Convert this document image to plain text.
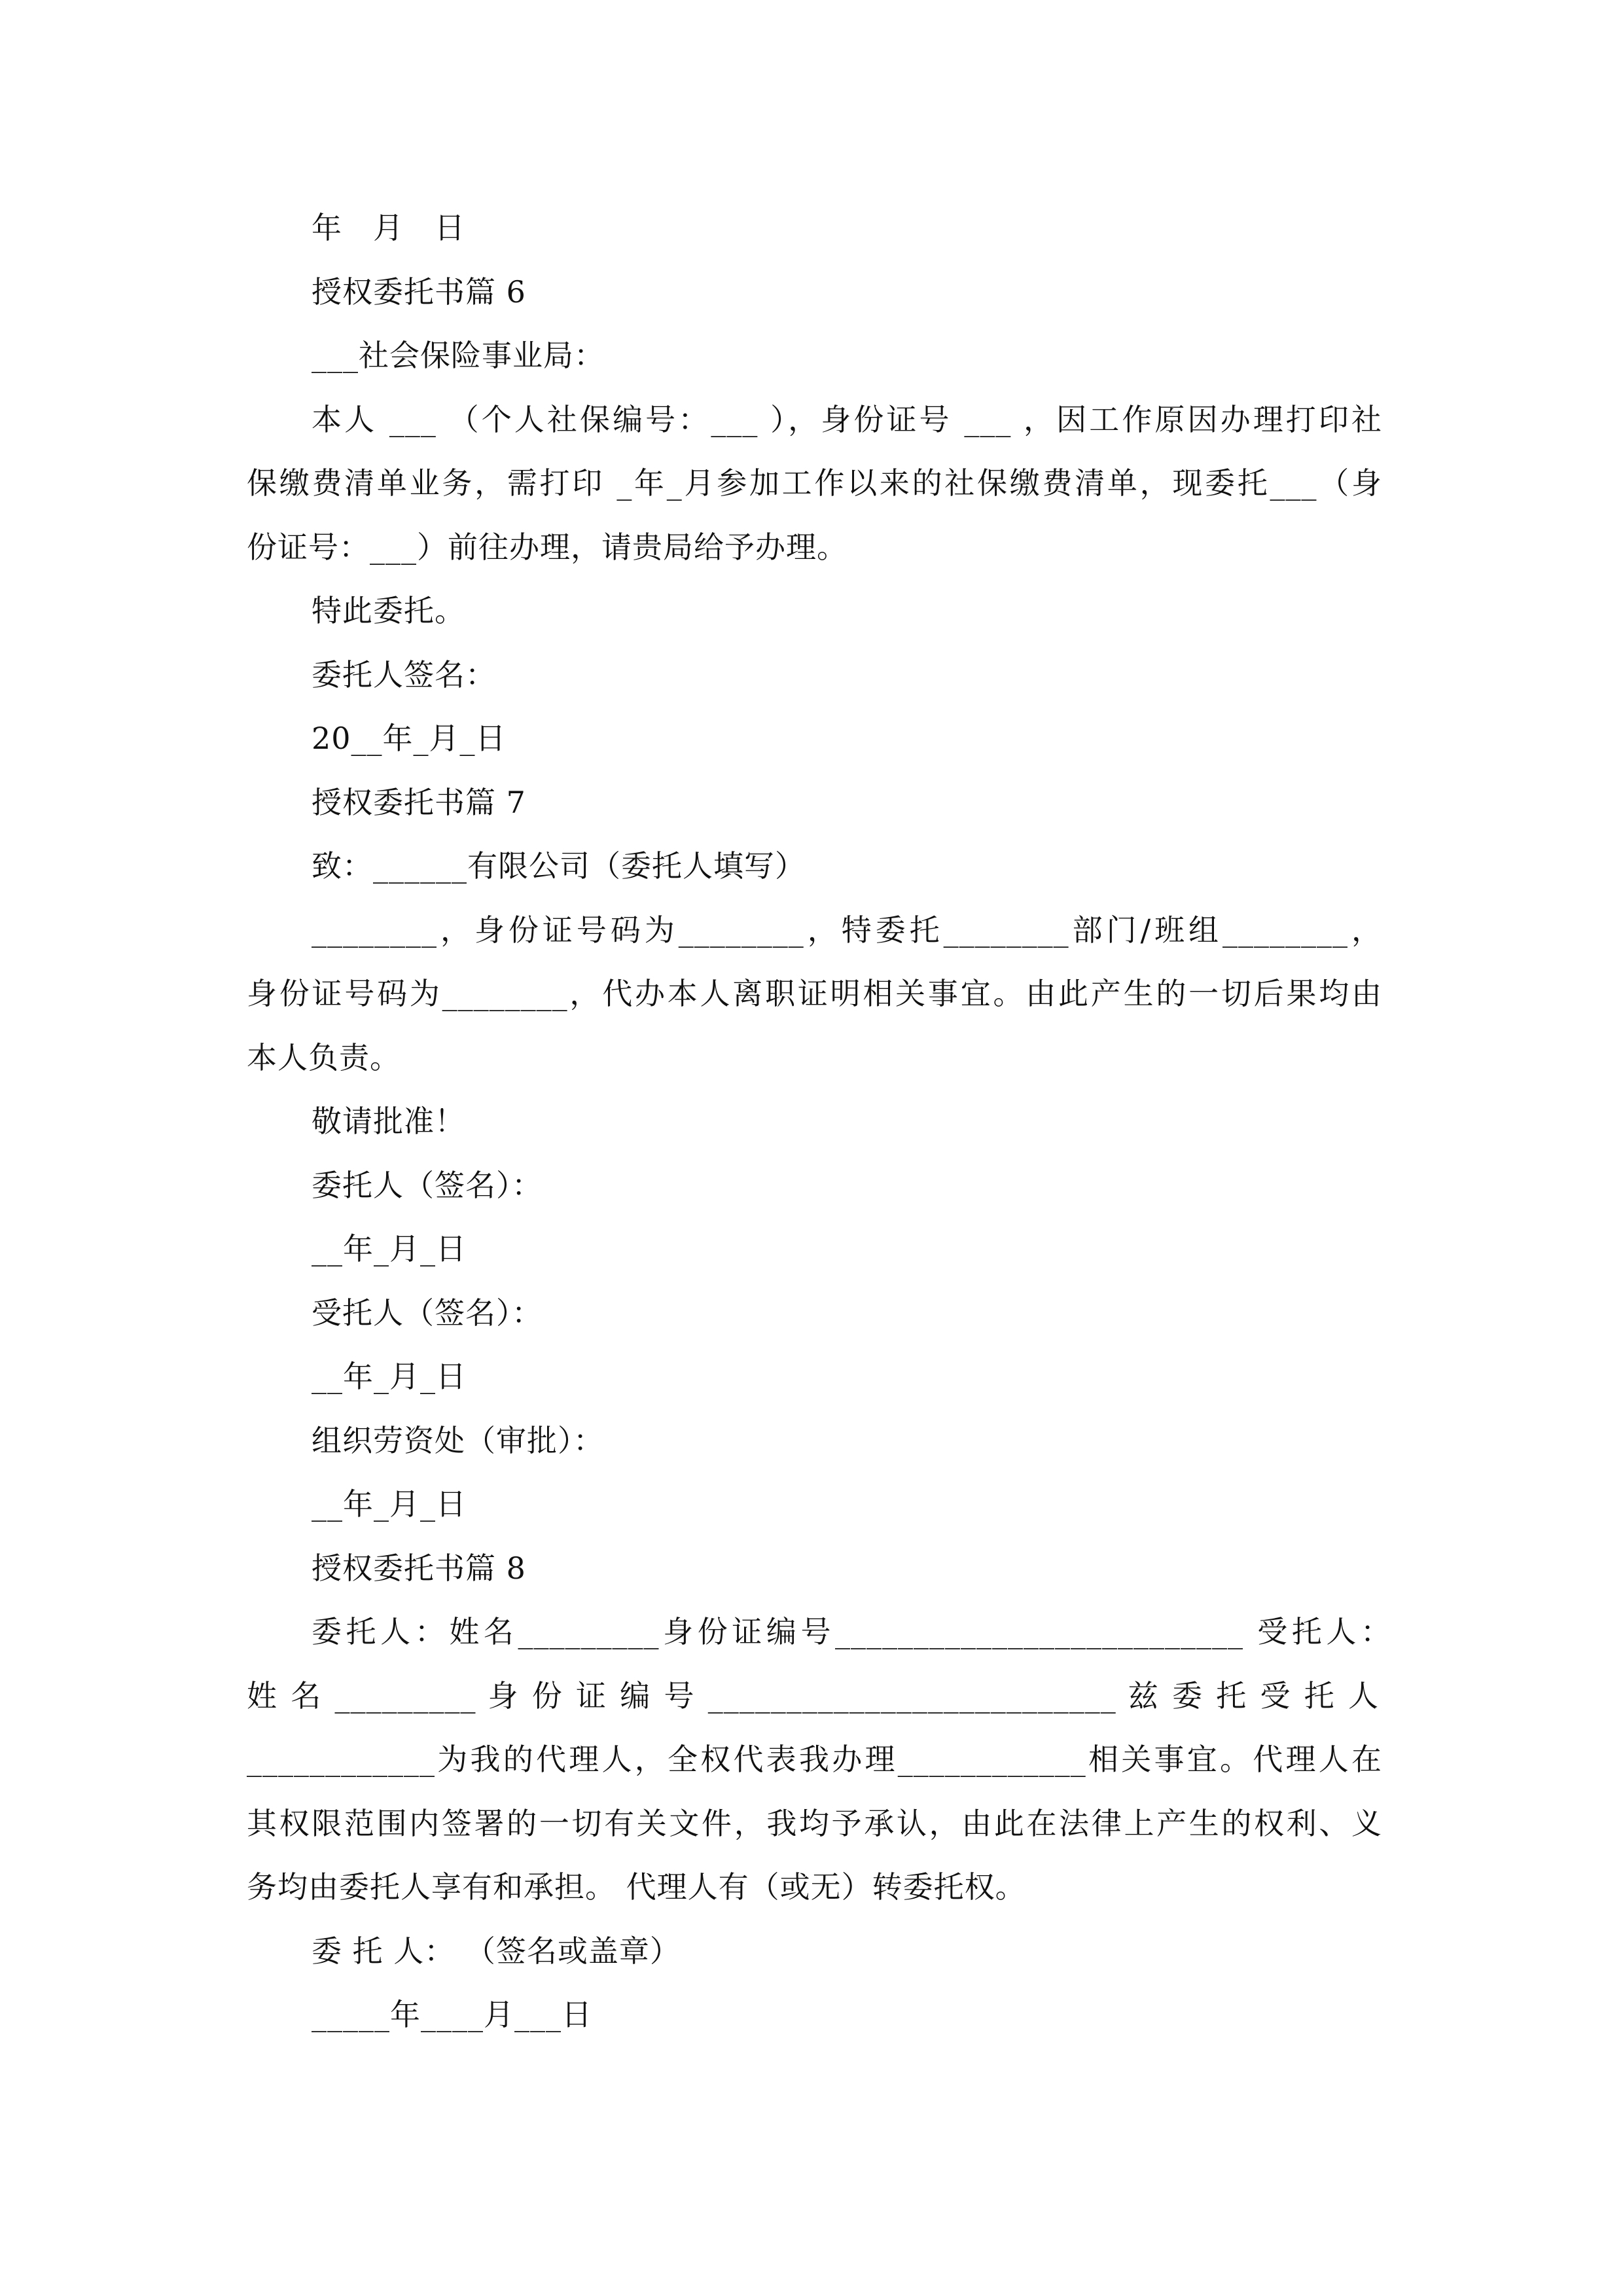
年　月　日
授权委托书篇 6
___社会保险事业局：
本人 ___ （个人社保编号：___ ），身份证号 ___ ，因工作原因办理打印社
保缴费清单业务，需打印 _年_月参加工作以来的社保缴费清单，现委托___（身
份证号：___）前往办理，请贵局给予办理。
特此委托。
委托人签名：
20__年_月_日
授权委托书篇 7
致：______有限公司（委托人填写）
________，身份证号码为________，特委托________部门/班组________，
身份证号码为________，代办本人离职证明相关事宜。由此产生的一切后果均由
本人负责。
敬请批准！
委托人（签名）：
__年_月_日
受托人（签名）：
__年_月_日
组织劳资处（审批）：
__年_月_日
授权委托书篇 8
委托人：姓名_________身份证编号__________________________ 受托人：
姓 名 _________ 身 份 证 编 号 __________________________ 兹 委 托 受 托 人
____________为我的代理人，全权代表我办理____________相关事宜。代理人在
其权限范围内签署的一切有关文件，我均予承认，由此在法律上产生的权利、义
务均由委托人享有和承担。 代理人有（或无）转委托权。
委 托 人： （签名或盖章）
_____年____月___日
